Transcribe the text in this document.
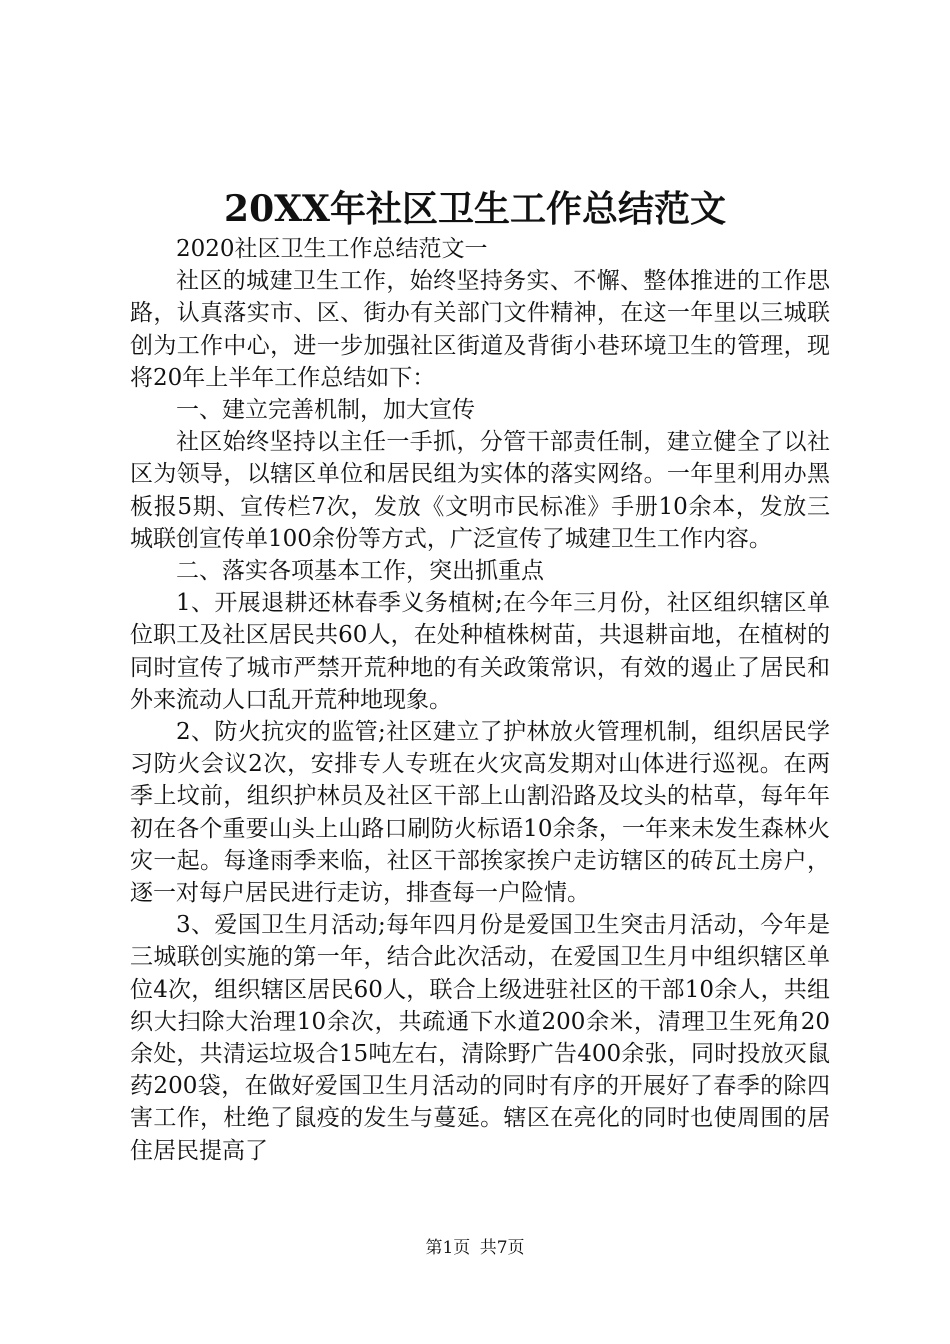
20XX年社区卫生工作总结范文

2020社区卫生工作总结范文一

社区的城建卫生工作，始终坚持务实、不懈、整体推进的工作思路，认真落实市、区、街办有关部门文件精神，在这一年里以三城联创为工作中心，进一步加强社区街道及背街小巷环境卫生的管理，现将20年上半年工作总结如下：

一、建立完善机制，加大宣传

社区始终坚持以主任一手抓，分管干部责任制，建立健全了以社区为领导，以辖区单位和居民组为实体的落实网络。一年里利用办黑板报5期、宣传栏7次，发放《文明市民标准》手册10余本，发放三城联创宣传单100余份等方式，广泛宣传了城建卫生工作内容。

二、落实各项基本工作，突出抓重点

1、开展退耕还林春季义务植树;在今年三月份，社区组织辖区单位职工及社区居民共60人，在处种植株树苗，共退耕亩地，在植树的同时宣传了城市严禁开荒种地的有关政策常识，有效的遏止了居民和外来流动人口乱开荒种地现象。

2、防火抗灾的监管;社区建立了护林放火管理机制，组织居民学习防火会议2次，安排专人专班在火灾高发期对山体进行巡视。在两季上坟前，组织护林员及社区干部上山割沿路及坟头的枯草，每年年初在各个重要山头上山路口刷防火标语10余条，一年来未发生森林火灾一起。每逢雨季来临，社区干部挨家挨户走访辖区的砖瓦土房户，逐一对每户居民进行走访，排查每一户险情。

3、爱国卫生月活动;每年四月份是爱国卫生突击月活动，今年是三城联创实施的第一年，结合此次活动，在爱国卫生月中组织辖区单位4次，组织辖区居民60人，联合上级进驻社区的干部10余人，共组织大扫除大治理10余次，共疏通下水道200余米，清理卫生死角20余处，共清运垃圾合15吨左右，清除野广告400余张，同时投放灭鼠药200袋，在做好爱国卫生月活动的同时有序的开展好了春季的除四害工作，杜绝了鼠疫的发生与蔓延。辖区在亮化的同时也使周围的居住居民提高了

第1页 共7页
